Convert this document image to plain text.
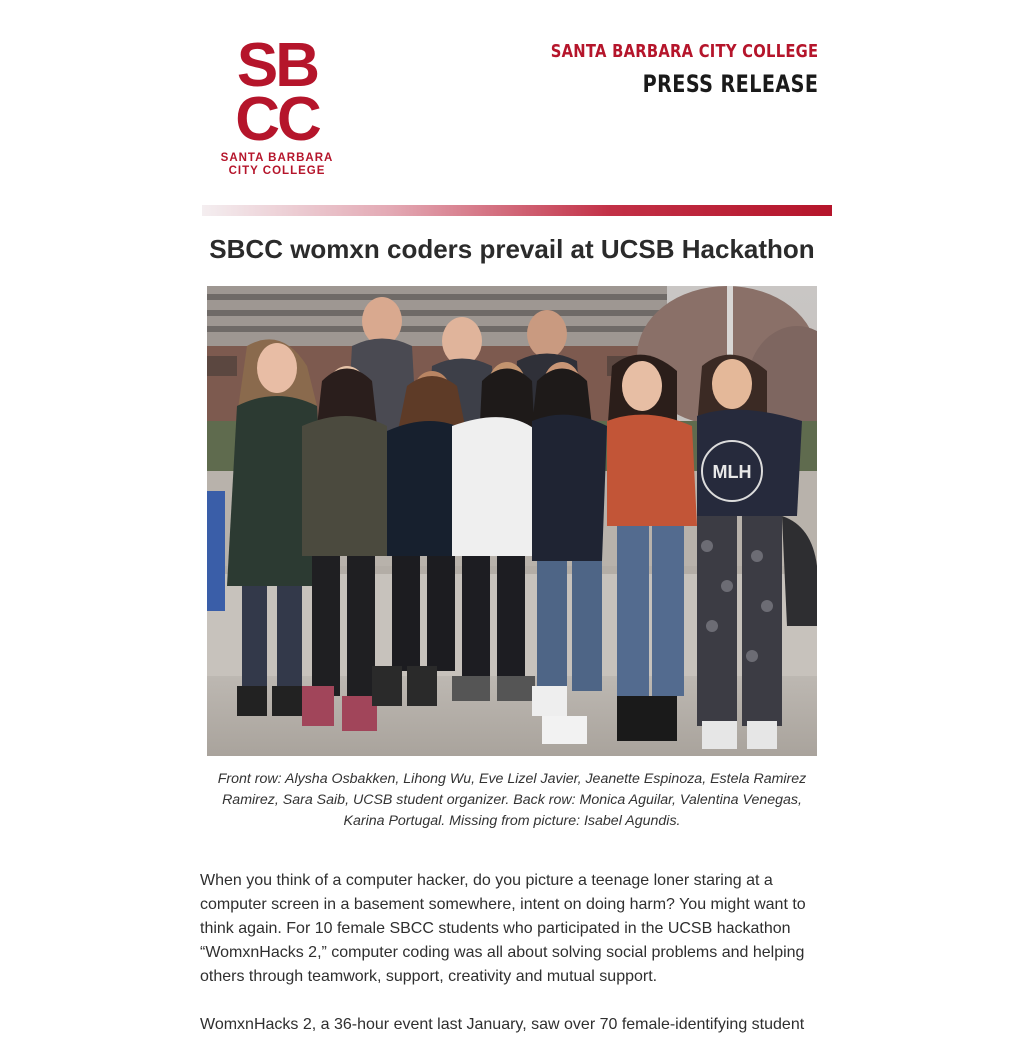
SB
CC
SANTA BARBARA
CITY COLLEGE
SANTA BARBARA CITY COLLEGE
PRESS RELEASE
SBCC womxn coders prevail at UCSB Hackathon
MLH
Front row: Alysha Osbakken, Lihong Wu, Eve Lizel Javier, Jeanette Espinoza, Estela Ramirez Ramirez, Sara Saib, UCSB student organizer. Back row: Monica Aguilar, Valentina Venegas, Karina Portugal. Missing from picture: Isabel Agundis.

When you think of a computer hacker, do you picture a teenage loner staring at a computer screen in a basement somewhere, intent on doing harm? You might want to think again. For 10 female SBCC students who participated in the UCSB hackathon “WomxnHacks 2,” computer coding was all about solving social problems and helping others through teamwork, support, creativity and mutual support.

WomxnHacks 2, a 36-hour event last January, saw over 70 female-identifying student
